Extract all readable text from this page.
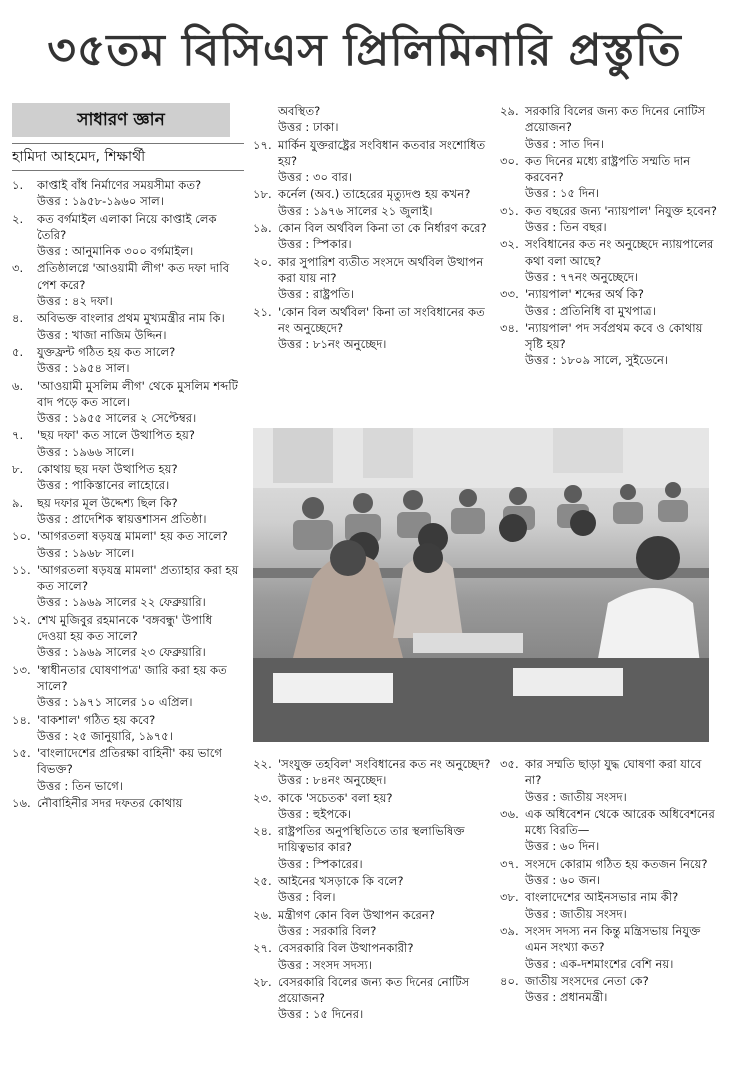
৩৫তম বিসিএস প্রিলিমিনারি প্রস্তুতি
সাধারণ জ্ঞান
হামিদা আহমেদ, শিক্ষার্থী
১.	কাপ্তাই বাঁধ নির্মাণের সময়সীমা কত?
উত্তর : ১৯৫৮-১৯৬০ সাল।
২.	কত বর্গমাইল এলাকা নিয়ে কাপ্তাই লেক তৈরি?
উত্তর : আনুমানিক ৩০০ বর্গমাইল।
৩.	প্রতিষ্ঠালগ্নে 'আওয়ামী লীগ' কত দফা দাবি পেশ করে?
উত্তর : ৪২ দফা।
৪.	অবিভক্ত বাংলার প্রথম মুখ্যমন্ত্রীর নাম কি।
উত্তর : খাজা নাজিম উদ্দিন।
৫.	যুক্তফ্রন্ট গঠিত হয় কত সালে?
উত্তর : ১৯৫৪ সাল।
৬.	'আওয়ামী মুসলিম লীগ' থেকে মুসলিম শব্দটি বাদ পড়ে কত সালে।
উত্তর : ১৯৫৫ সালের ২ সেপ্টেম্বর।
৭.	'ছয় দফা' কত সালে উত্থাপিত হয়?
উত্তর : ১৯৬৬ সালে।
৮.	কোথায় ছয় দফা উত্থাপিত হয়?
উত্তর : পাকিস্তানের লাহোরে।
৯.	ছয় দফার মূল উদ্দেশ্য ছিল কি?
উত্তর : প্রাদেশিক স্বায়ত্তশাসন প্রতিষ্ঠা।
১০. 'আগরতলা ষড়যন্ত্র মামলা' হয় কত সালে?
উত্তর : ১৯৬৮ সালে।
১১. 'আগরতলা ষড়যন্ত্র মামলা' প্রত্যাহার করা হয় কত সালে?
উত্তর : ১৯৬৯ সালের ২২ ফেব্রুয়ারি।
১২. শেখ মুজিবুর রহমানকে 'বঙ্গবন্ধু' উপাধি দেওয়া হয় কত সালে?
উত্তর : ১৯৬৯ সালের ২৩ ফেব্রুয়ারি।
১৩. 'স্বাধীনতার ঘোষণাপত্র' জারি করা হয় কত সালে?
উত্তর : ১৯৭১ সালের ১০ এপ্রিল।
১৪. 'বাকশাল' গঠিত হয় কবে?
উত্তর : ২৫ জানুয়ারি, ১৯৭৫।
১৫. 'বাংলাদেশের প্রতিরক্ষা বাহিনী' কয় ভাগে বিভক্ত?
উত্তর : তিন ভাগে।
১৬. নৌবাহিনীর সদর দফতর কোথায়
অবস্থিত?
উত্তর : ঢাকা।
১৭. মার্কিন যুক্তরাষ্ট্রের সংবিধান কতবার সংশোধিত হয়?
উত্তর : ৩০ বার।
১৮. কর্নেল (অব.) তাহেরের মৃত্যুদণ্ড হয় কখন?
উত্তর : ১৯৭৬ সালের ২১ জুলাই।
১৯. কোন বিল অর্থবিল কিনা তা কে নির্ধারণ করে?
উত্তর : স্পিকার।
২০. কার সুপারিশ ব্যতীত সংসদে অর্থবিল উত্থাপন করা যায় না?
উত্তর : রাষ্ট্রপতি।
২১. 'কোন বিল অর্থবিল' কিনা তা সংবিধানের কত নং অনুচ্ছেদে?
উত্তর : ৮১নং অনুচ্ছেদ।
২৯. সরকারি বিলের জন্য কত দিনের নোটিস প্রয়োজন?
উত্তর : সাত দিন।
৩০. কত দিনের মধ্যে রাষ্ট্রপতি সম্মতি দান করবেন?
উত্তর : ১৫ দিন।
৩১. কত বছরের জন্য 'ন্যায়পাল' নিযুক্ত হবেন?
উত্তর : তিন বছর।
৩২. সংবিধানের কত নং অনুচ্ছেদে ন্যায়পালের কথা বলা আছে?
উত্তর : ৭৭নং অনুচ্ছেদে।
৩৩. 'ন্যায়পাল' শব্দের অর্থ কি?
উত্তর : প্রতিনিধি বা মুখপাত্র।
৩৪. 'ন্যায়পাল' পদ সর্বপ্রথম কবে ও কোথায় সৃষ্টি হয়?
উত্তর : ১৮০৯ সালে, সুইডেনে।
২২. 'সংযুক্ত তহবিল' সংবিধানের কত নং অনুচ্ছেদ?
উত্তর : ৮৪নং অনুচ্ছেদ।
২৩. কাকে 'সচেতক' বলা হয়?
উত্তর : হুইপকে।
২৪. রাষ্ট্রপতির অনুপস্থিতিতে তার স্থলাভিষিক্ত দায়িত্বভার কার?
উত্তর : স্পিকারের।
২৫. আইনের খসড়াকে কি বলে?
উত্তর : বিল।
২৬. মন্ত্রীগণ কোন বিল উত্থাপন করেন?
উত্তর : সরকারি বিল?
২৭. বেসরকারি বিল উত্থাপনকারী?
উত্তর : সংসদ সদস্য।
২৮. বেসরকারি বিলের জন্য কত দিনের নোটিস প্রয়োজন?
উত্তর : ১৫ দিনের।
৩৫. কার সম্মতি ছাড়া যুদ্ধ ঘোষণা করা যাবে না?
উত্তর : জাতীয় সংসদ।
৩৬. এক অধিবেশন থেকে আরেক অধিবেশনের মধ্যে বিরতি—
উত্তর : ৬০ দিন।
৩৭. সংসদে কোরাম গঠিত হয় কতজন নিয়ে?
উত্তর : ৬০ জন।
৩৮. বাংলাদেশের আইনসভার নাম কী?
উত্তর : জাতীয় সংসদ।
৩৯. সংসদ সদস্য নন কিন্তু মন্ত্রিসভায় নিযুক্ত এমন সংখ্যা কত?
উত্তর : এক-দশমাংশের বেশি নয়।
৪০. জাতীয় সংসদের নেতা কে?
উত্তর : প্রধানমন্ত্রী।
